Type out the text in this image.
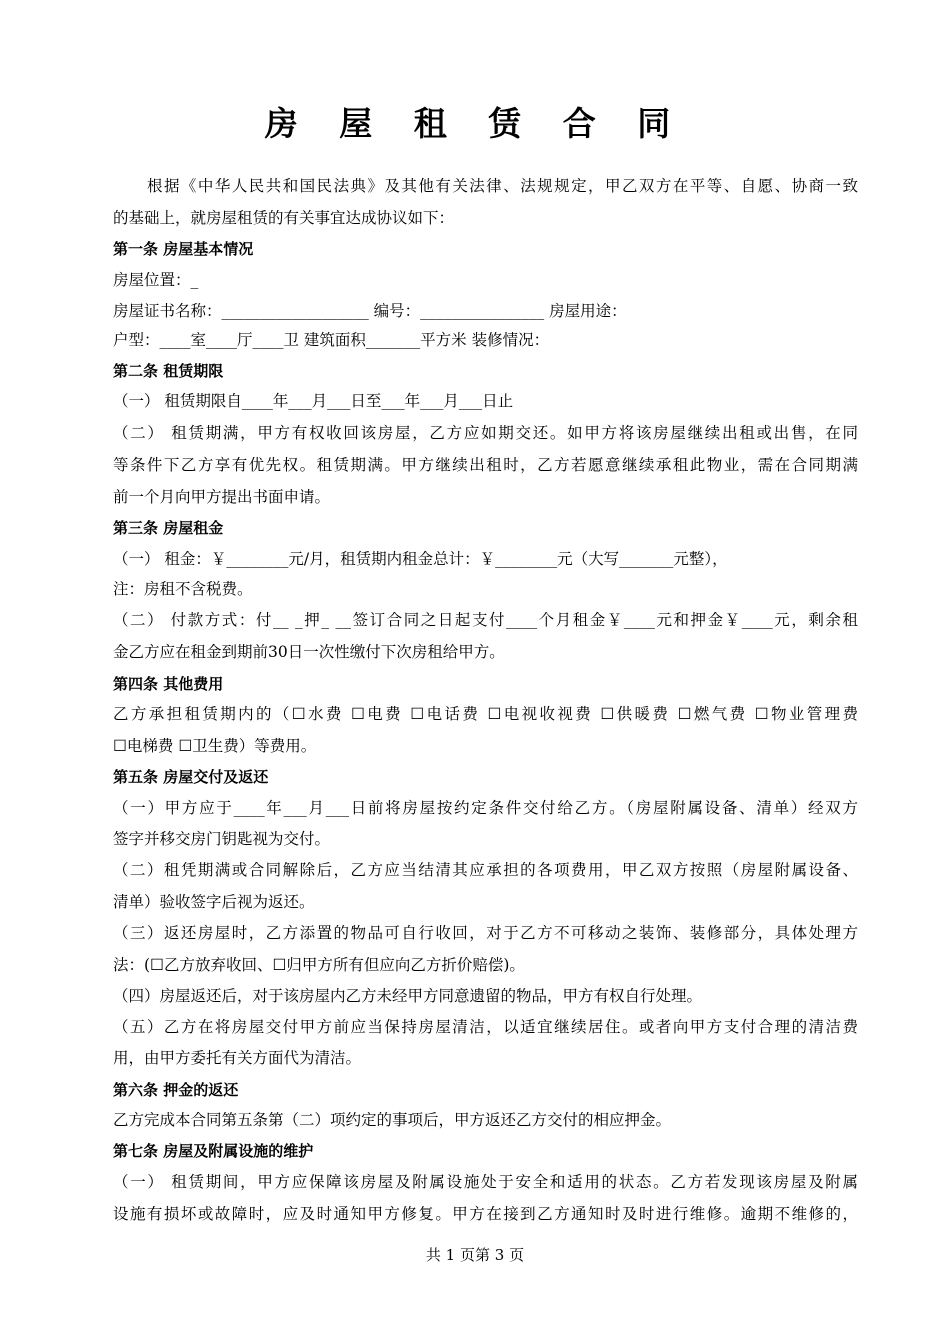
房 屋 租 赁 合 同
根据《中华人民共和国民法典》及其他有关法律、法规规定，甲乙双方在平等、自愿、协商一致
的基础上，就房屋租赁的有关事宜达成协议如下：
第一条 房屋基本情况
房屋位置：_
房屋证书名称：___________________ 编号：________________ 房屋用途：
户型：____室____厅____卫 建筑面积_______平方米 装修情况：
第二条 租赁期限
（一） 租赁期限自____年___月___日至___年___月___日止
（二） 租赁期满，甲方有权收回该房屋，乙方应如期交还。如甲方将该房屋继续出租或出售，在同
等条件下乙方享有优先权。租赁期满。甲方继续出租时，乙方若愿意继续承租此物业，需在合同期满
前一个月向甲方提出书面申请。
第三条 房屋租金
（一） 租金：￥________元/月，租赁期内租金总计：￥________元（大写_______元整），
注：房租不含税费。
（二） 付款方式：付__ _押_ __签订合同之日起支付____个月租金￥____元和押金￥____元，剩余租
金乙方应在租金到期前30日一次性缴付下次房租给甲方。
第四条 其他费用
乙方承担租赁期内的（☐水费 ☐电费 ☐电话费 ☐电视收视费 ☐供暖费 ☐燃气费 ☐物业管理费
☐电梯费 ☐卫生费）等费用。
第五条 房屋交付及返还
（一）甲方应于____年___月___日前将房屋按约定条件交付给乙方。（房屋附属设备、清单）经双方
签字并移交房门钥匙视为交付。
（二）租凭期满或合同解除后，乙方应当结清其应承担的各项费用，甲乙双方按照（房屋附属设备、
清单）验收签字后视为返还。
（三）返还房屋时，乙方添置的物品可自行收回，对于乙方不可移动之装饰、装修部分，具体处理方
法：(☐乙方放弃收回、☐归甲方所有但应向乙方折价赔偿)。
（四）房屋返还后，对于该房屋内乙方未经甲方同意遗留的物品，甲方有权自行处理。
（五）乙方在将房屋交付甲方前应当保持房屋清洁，以适宜继续居住。或者向甲方支付合理的清洁费
用，由甲方委托有关方面代为清洁。
第六条 押金的返还
乙方完成本合同第五条第（二）项约定的事项后，甲方返还乙方交付的相应押金。
第七条 房屋及附属设施的维护
（一） 租赁期间，甲方应保障该房屋及附属设施处于安全和适用的状态。乙方若发现该房屋及附属
设施有损坏或故障时，应及时通知甲方修复。甲方在接到乙方通知时及时进行维修。逾期不维修的，
共 1 页第 3 页
